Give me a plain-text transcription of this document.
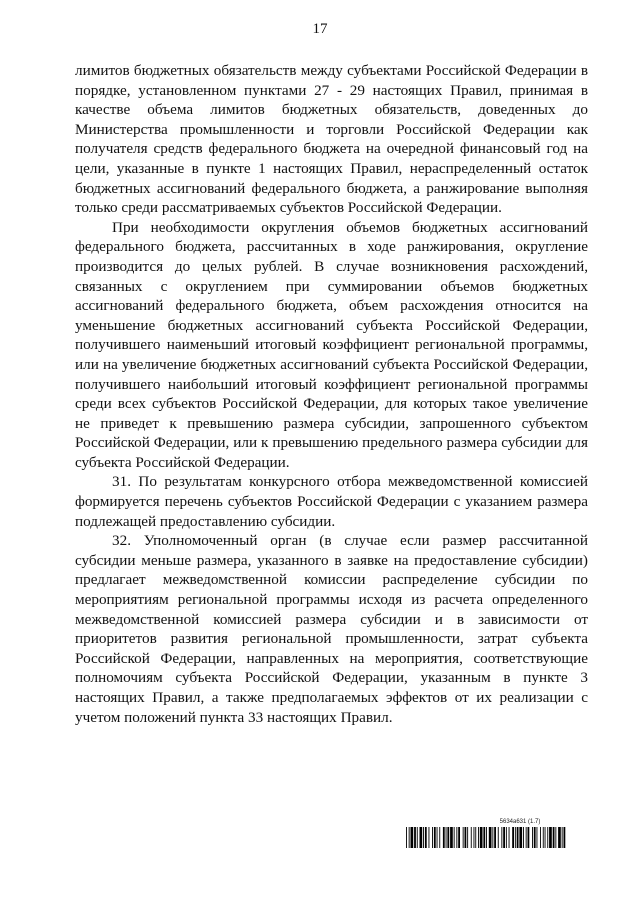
17

лимитов бюджетных обязательств между субъектами Российской Федерации в порядке, установленном пунктами 27 - 29 настоящих Правил, принимая в качестве объема лимитов бюджетных обязательств, доведенных до Министерства промышленности и торговли Российской Федерации как получателя средств федерального бюджета на очередной финансовый год на цели, указанные в пункте 1 настоящих Правил, нераспределенный остаток бюджетных ассигнований федерального бюджета, а ранжирование выполняя только среди рассматриваемых субъектов Российской Федерации.

При необходимости округления объемов бюджетных ассигнований федерального бюджета, рассчитанных в ходе ранжирования, округление производится до целых рублей. В случае возникновения расхождений, связанных с округлением при суммировании объемов бюджетных ассигнований федерального бюджета, объем расхождения относится на уменьшение бюджетных ассигнований субъекта Российской Федерации, получившего наименьший итоговый коэффициент региональной программы, или на увеличение бюджетных ассигнований субъекта Российской Федерации, получившего наибольший итоговый коэффициент региональной программы среди всех субъектов Российской Федерации, для которых такое увеличение не приведет к превышению размера субсидии, запрошенного субъектом Российской Федерации, или к превышению предельного размера субсидии для субъекта Российской Федерации.

31. По результатам конкурсного отбора межведомственной комиссией формируется перечень субъектов Российской Федерации с указанием размера подлежащей предоставлению субсидии.

32. Уполномоченный орган (в случае если размер рассчитанной субсидии меньше размера, указанного в заявке на предоставление субсидии) предлагает межведомственной комиссии распределение субсидии по мероприятиям региональной программы исходя из расчета определенного межведомственной комиссией размера субсидии и в зависимости от приоритетов развития региональной промышленности, затрат субъекта Российской Федерации, направленных на мероприятия, соответствующие полномочиям субъекта Российской Федерации, указанным в пункте 3 настоящих Правил, а также предполагаемых эффектов от их реализации с учетом положений пункта 33 настоящих Правил.

5634a631 (1.7)
